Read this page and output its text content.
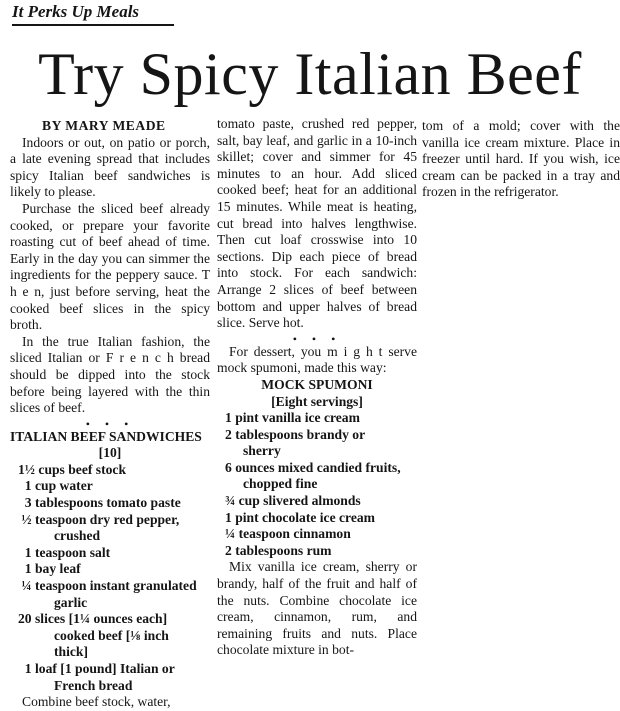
It Perks Up Meals
Try Spicy Italian Beef
BY MARY MEADE

Indoors or out, on patio or porch, a late evening spread that includes spicy Italian beef sandwiches is likely to please.

Purchase the sliced beef already cooked, or prepare your favorite roasting cut of beef ahead of time. Early in the day you can simmer the ingredients for the peppery sauce. T h e n, just before serving, heat the cooked beef slices in the spicy broth.

In the true Italian fashion, the sliced Italian or F r e n c h bread should be dipped into the stock before being layered with the thin slices of beef.

• • •
ITALIAN BEEF SANDWICHES
[10]
1½ cups beef stock
1 cup water
3 tablespoons tomato paste
½ teaspoon dry red pepper,
crushed
1 teaspoon salt
1 bay leaf
¼ teaspoon instant granulated
garlic
20 slices [1¼ ounces each]
cooked beef [⅛ inch
thick]
1 loaf [1 pound] Italian or
French bread

Combine beef stock, water,

tomato paste, crushed red pepper, salt, bay leaf, and garlic in a 10-inch skillet; cover and simmer for 45 minutes to an hour. Add sliced cooked beef; heat for an additional 15 minutes. While meat is heating, cut bread into halves lengthwise. Then cut loaf crosswise into 10 sections. Dip each piece of bread into stock. For each sandwich: Arrange 2 slices of beef between bottom and upper halves of bread slice. Serve hot.

• • •

For dessert, you m i g h t serve mock spumoni, made this way:

MOCK SPUMONI
[Eight servings]
1 pint vanilla ice cream
2 tablespoons brandy or
sherry
6 ounces mixed candied fruits,
chopped fine
¾ cup slivered almonds
1 pint chocolate ice cream
¼ teaspoon cinnamon
2 tablespoons rum

Mix vanilla ice cream, sherry or brandy, half of the fruit and half of the nuts. Combine chocolate ice cream, cinnamon, rum, and remaining fruits and nuts. Place chocolate mixture in bot-

tom of a mold; cover with the vanilla ice cream mixture. Place in freezer until hard. If you wish, ice cream can be packed in a tray and frozen in the refrigerator.
